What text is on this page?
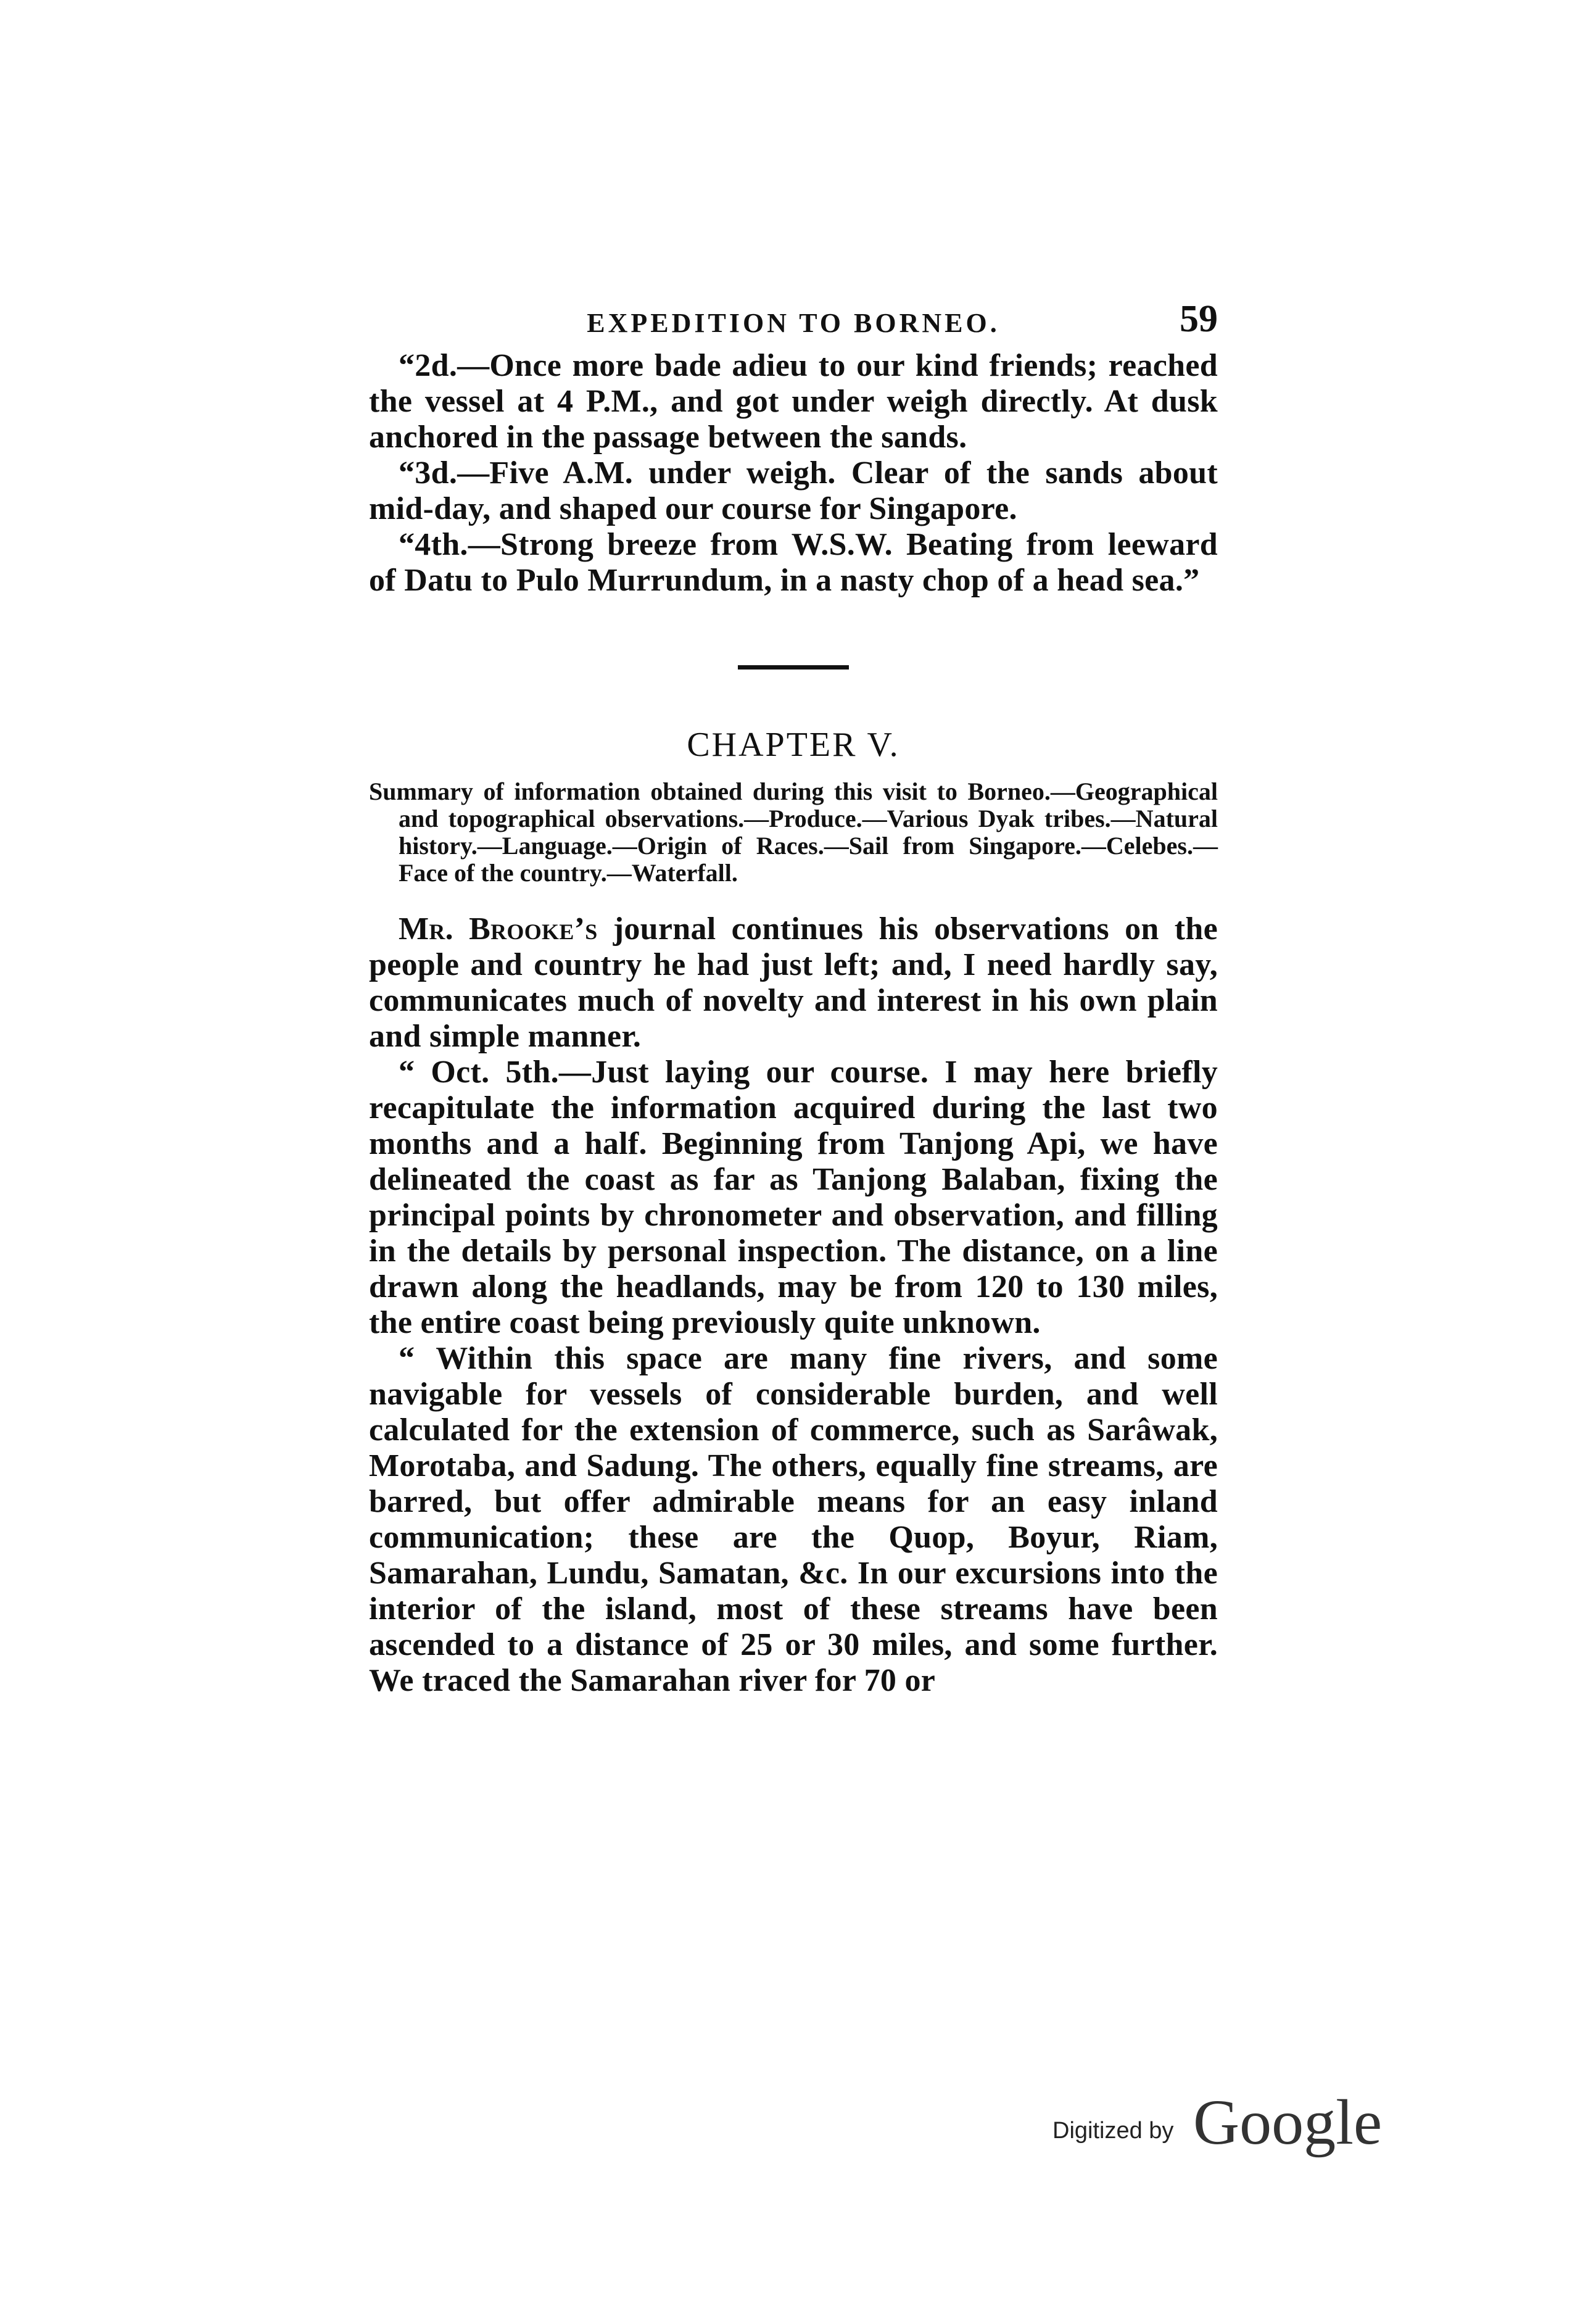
EXPEDITION TO BORNEO.	59

“2d.—Once more bade adieu to our kind friends; reached the vessel at 4 P.M., and got under weigh directly. At dusk anchored in the passage between the sands.

“3d.—Five A.M. under weigh. Clear of the sands about mid-day, and shaped our course for Singapore.

“4th.—Strong breeze from W.S.W. Beating from leeward of Datu to Pulo Murrundum, in a nasty chop of a head sea.”

CHAPTER V.

Summary of information obtained during this visit to Borneo.—Geographical and topographical observations.—Produce.—Various Dyak tribes.—Natural history.—Language.—Origin of Races.—Sail from Singapore.—Celebes.—Face of the country.—Waterfall.

Mr. Brooke’s journal continues his observations on the people and country he had just left; and, I need hardly say, communicates much of novelty and interest in his own plain and simple manner.

“ Oct. 5th.—Just laying our course. I may here briefly recapitulate the information acquired during the last two months and a half. Beginning from Tanjong Api, we have delineated the coast as far as Tanjong Balaban, fixing the principal points by chronometer and observation, and filling in the details by personal inspection. The distance, on a line drawn along the headlands, may be from 120 to 130 miles, the entire coast being previously quite unknown.

“ Within this space are many fine rivers, and some navigable for vessels of considerable burden, and well calculated for the extension of commerce, such as Sarâwak, Morotaba, and Sadung. The others, equally fine streams, are barred, but offer admirable means for an easy inland communication; these are the Quop, Boyur, Riam, Samarahan, Lundu, Samatan, &c. In our excursions into the interior of the island, most of these streams have been ascended to a distance of 25 or 30 miles, and some further. We traced the Samarahan river for 70 or

Digitized by Google
